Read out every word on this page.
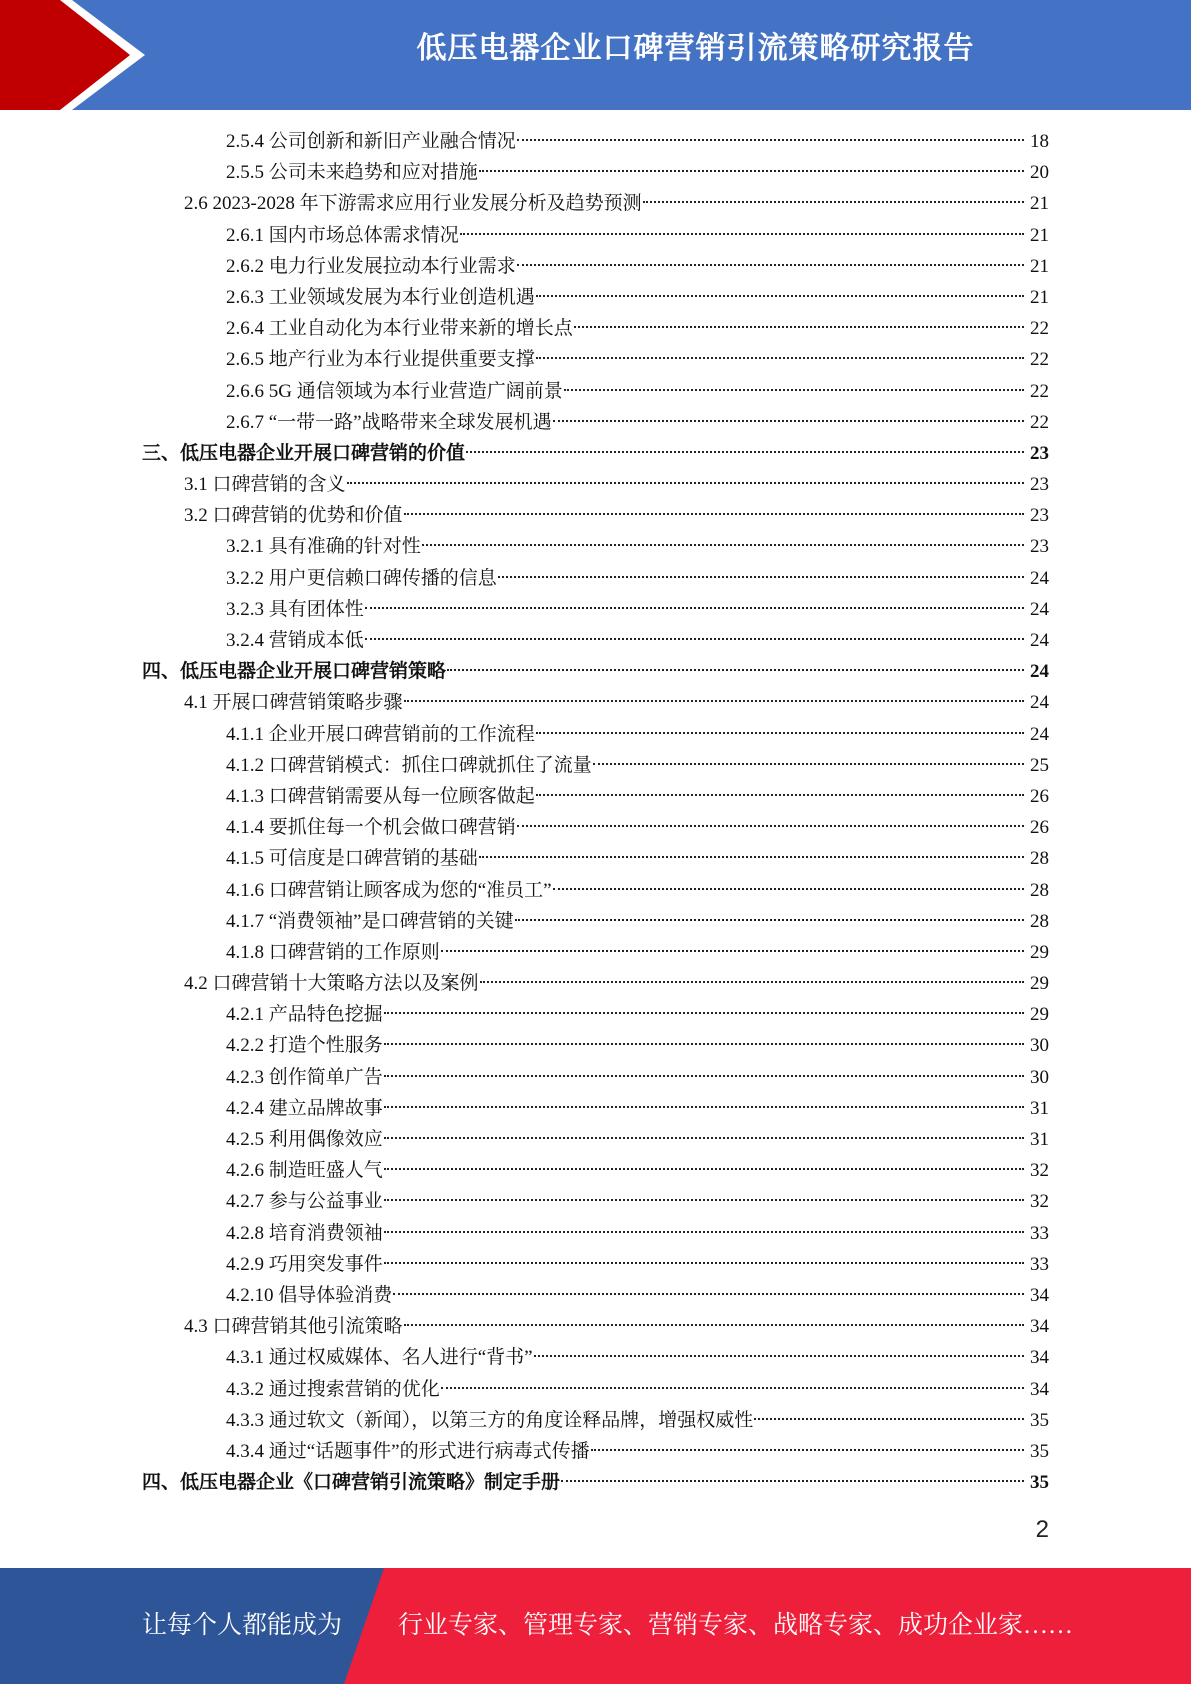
低压电器企业口碑营销引流策略研究报告
2.5.4 公司创新和新旧产业融合情况	18
2.5.5 公司未来趋势和应对措施	20
2.6 2023-2028 年下游需求应用行业发展分析及趋势预测	21
2.6.1 国内市场总体需求情况	21
2.6.2 电力行业发展拉动本行业需求	21
2.6.3 工业领域发展为本行业创造机遇	21
2.6.4 工业自动化为本行业带来新的增长点	22
2.6.5 地产行业为本行业提供重要支撑	22
2.6.6 5G 通信领域为本行业营造广阔前景	22
2.6.7 “一带一路”战略带来全球发展机遇	22
三、低压电器企业开展口碑营销的价值	23
3.1 口碑营销的含义	23
3.2 口碑营销的优势和价值	23
3.2.1 具有准确的针对性	23
3.2.2 用户更信赖口碑传播的信息	24
3.2.3 具有团体性	24
3.2.4 营销成本低	24
四、低压电器企业开展口碑营销策略	24
4.1 开展口碑营销策略步骤	24
4.1.1 企业开展口碑营销前的工作流程	24
4.1.2 口碑营销模式：抓住口碑就抓住了流量	25
4.1.3 口碑营销需要从每一位顾客做起	26
4.1.4 要抓住每一个机会做口碑营销	26
4.1.5 可信度是口碑营销的基础	28
4.1.6 口碑营销让顾客成为您的“准员工”	28
4.1.7 “消费领袖”是口碑营销的关键	28
4.1.8 口碑营销的工作原则	29
4.2 口碑营销十大策略方法以及案例	29
4.2.1 产品特色挖掘	29
4.2.2 打造个性服务	30
4.2.3 创作简单广告	30
4.2.4 建立品牌故事	31
4.2.5 利用偶像效应	31
4.2.6 制造旺盛人气	32
4.2.7 参与公益事业	32
4.2.8 培育消费领袖	33
4.2.9 巧用突发事件	33
4.2.10 倡导体验消费	34
4.3 口碑营销其他引流策略	34
4.3.1 通过权威媒体、名人进行“背书”	34
4.3.2 通过搜索营销的优化	34
4.3.3 通过软文（新闻），以第三方的角度诠释品牌，增强权威性	35
4.3.4 通过“话题事件”的形式进行病毒式传播	35
四、低压电器企业《口碑营销引流策略》制定手册	35
2
让每个人都能成为 行业专家、管理专家、营销专家、战略专家、成功企业家……
